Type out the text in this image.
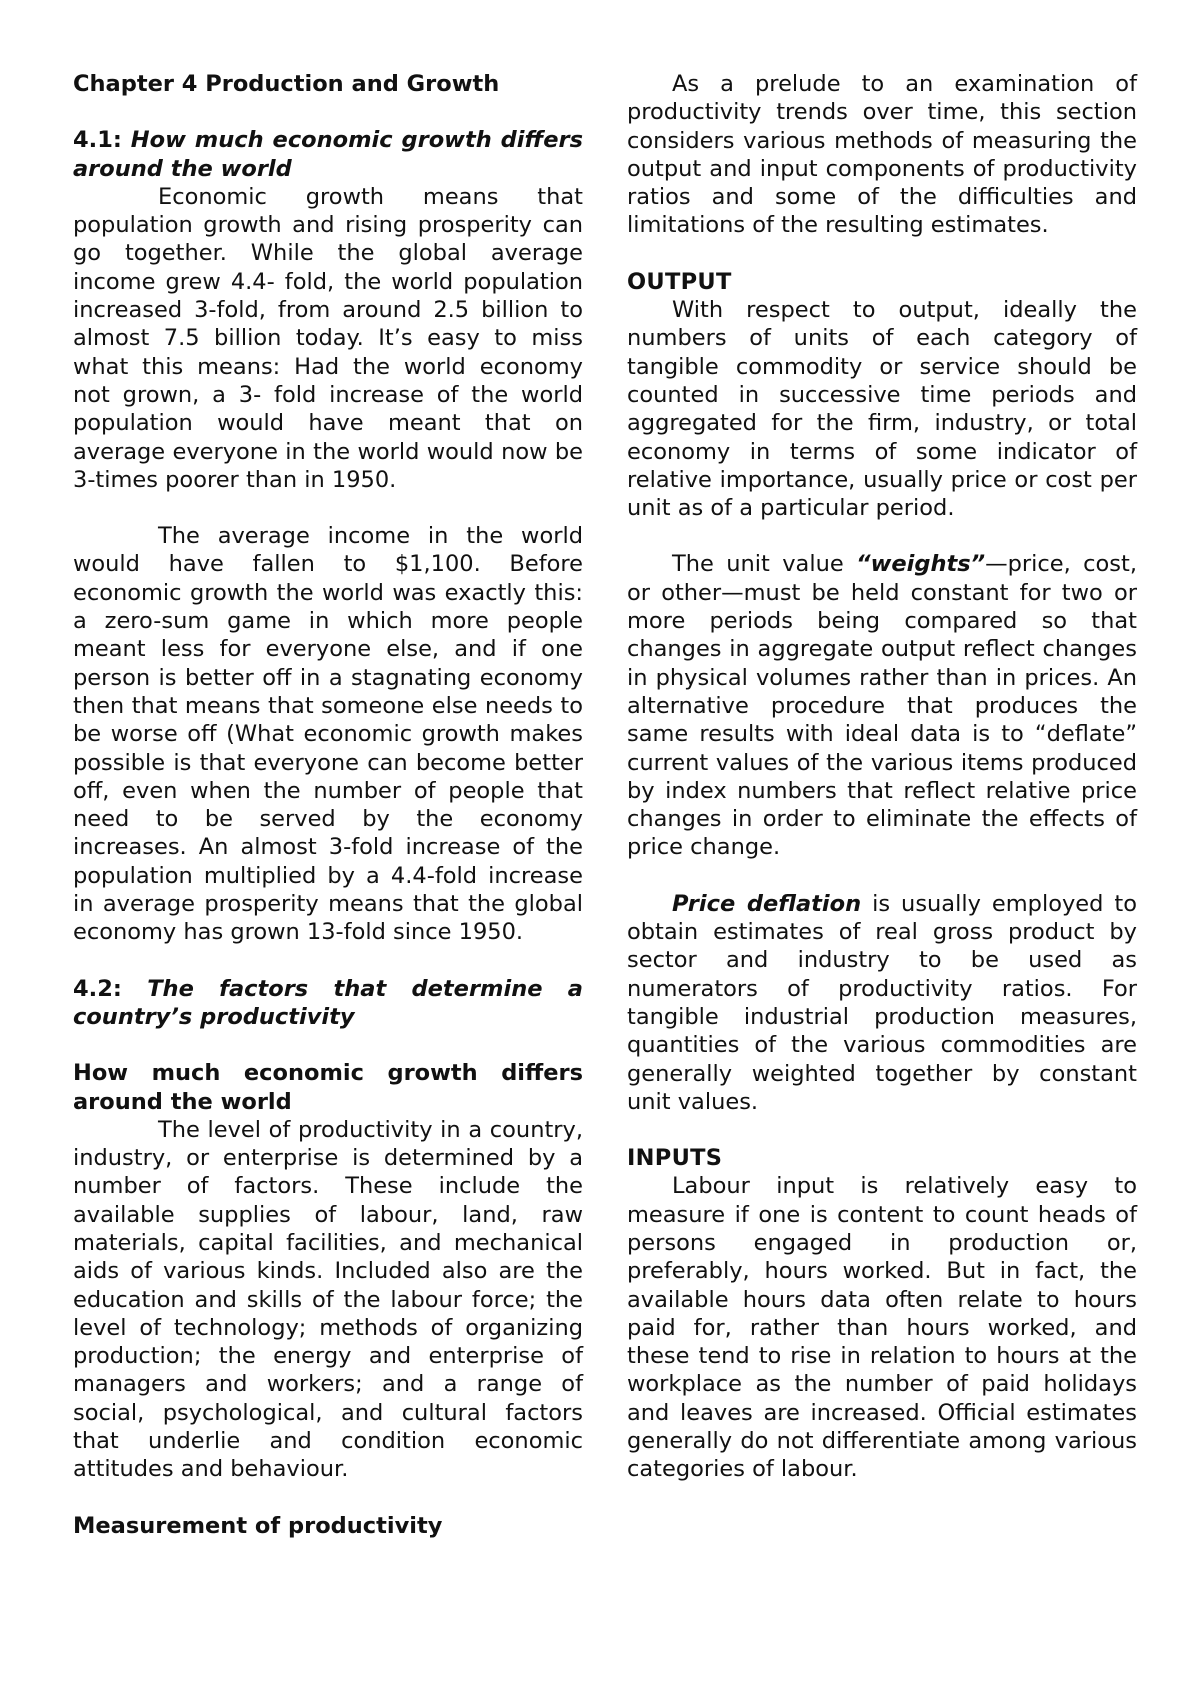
Chapter 4 Production and Growth

4.1: How much economic growth differs around the world

Economic growth means that population growth and rising prosperity can go together. While the global average income grew 4.4- fold, the world population increased 3-fold, from around 2.5 billion to almost 7.5 billion today. It’s easy to miss what this means: Had the world economy not grown, a 3- fold increase of the world population would have meant that on average everyone in the world would now be 3-times poorer than in 1950.

The average income in the world would have fallen to $1,100. Before economic growth the world was exactly this: a zero-sum game in which more people meant less for everyone else, and if one person is better off in a stagnating economy then that means that someone else needs to be worse off (What economic growth makes possible is that everyone can become better off, even when the number of people that need to be served by the economy increases. An almost 3-fold increase of the population multiplied by a 4.4-fold increase in average prosperity means that the global economy has grown 13-fold since 1950.

4.2: The factors that determine a country’s productivity

How much economic growth differs around the world

The level of productivity in a country, industry, or enterprise is determined by a number of factors. These include the available supplies of labour, land, raw materials, capital facilities, and mechanical aids of various kinds. Included also are the education and skills of the labour force; the level of technology; methods of organizing production; the energy and enterprise of managers and workers; and a range of social, psychological, and cultural factors that underlie and condition economic attitudes and behaviour.

Measurement of productivity

As a prelude to an examination of productivity trends over time, this section considers various methods of measuring the output and input components of productivity ratios and some of the difficulties and limitations of the resulting estimates.

OUTPUT

With respect to output, ideally the numbers of units of each category of tangible commodity or service should be counted in successive time periods and aggregated for the firm, industry, or total economy in terms of some indicator of relative importance, usually price or cost per unit as of a particular period.

The unit value “weights”—price, cost, or other—must be held constant for two or more periods being compared so that changes in aggregate output reflect changes in physical volumes rather than in prices. An alternative procedure that produces the same results with ideal data is to “deflate” current values of the various items produced by index numbers that reflect relative price changes in order to eliminate the effects of price change.

Price deflation is usually employed to obtain estimates of real gross product by sector and industry to be used as numerators of productivity ratios. For tangible industrial production measures, quantities of the various commodities are generally weighted together by constant unit values.

INPUTS

Labour input is relatively easy to measure if one is content to count heads of persons engaged in production or, preferably, hours worked. But in fact, the available hours data often relate to hours paid for, rather than hours worked, and these tend to rise in relation to hours at the workplace as the number of paid holidays and leaves are increased. Official estimates generally do not differentiate among various categories of labour.
